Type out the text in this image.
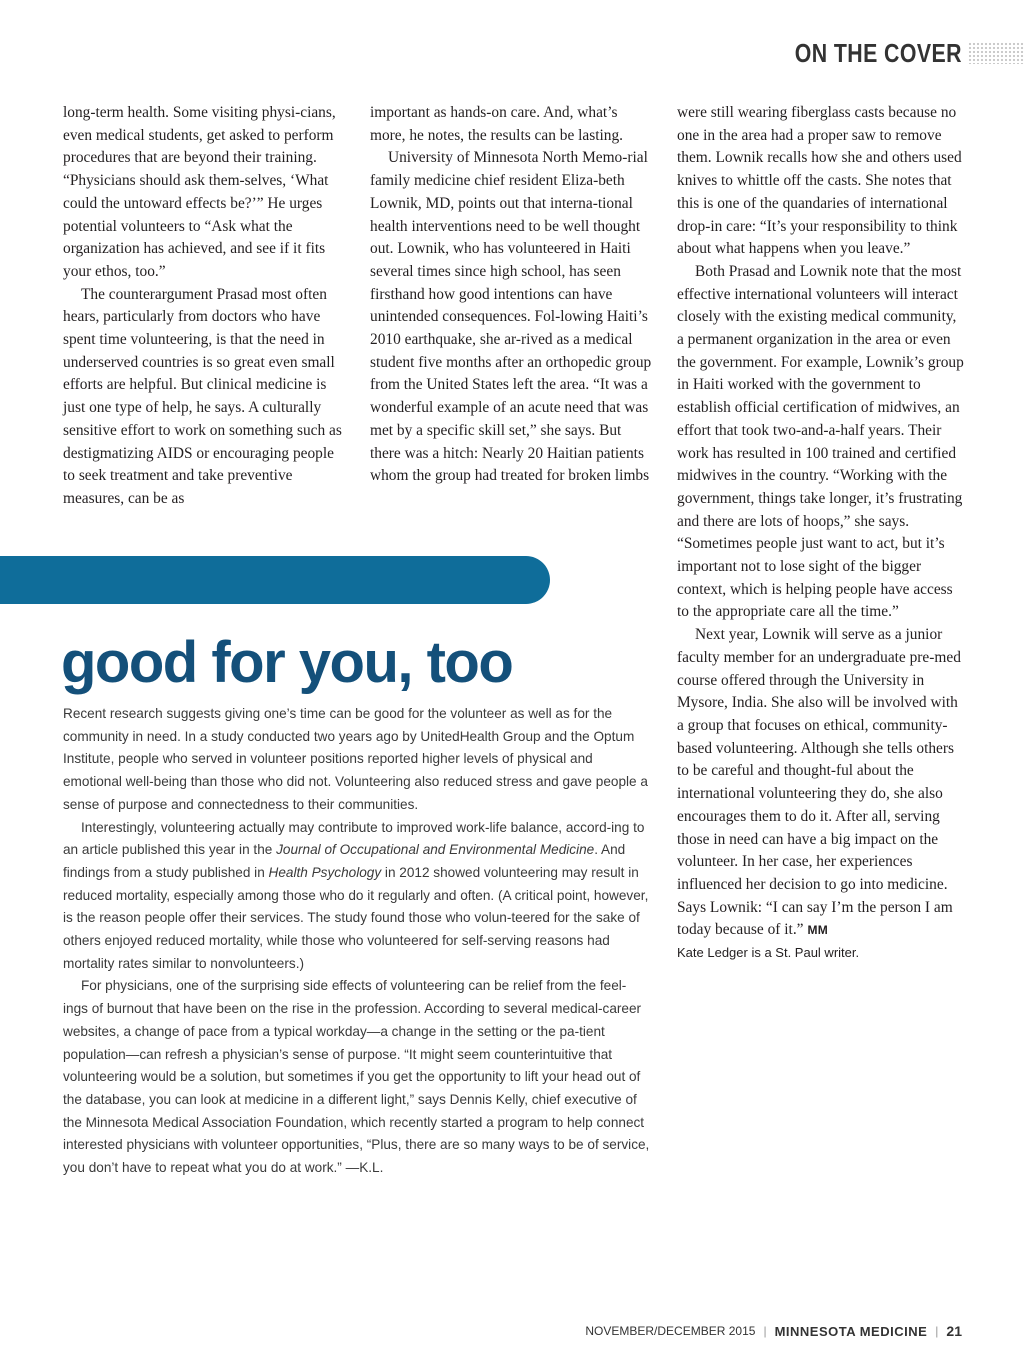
ON THE COVER

long-term health. Some visiting physi-cians, even medical students, get asked to perform procedures that are beyond their training. “Physicians should ask them-selves, ‘What could the untoward effects be?’” He urges potential volunteers to “Ask what the organization has achieved, and see if it fits your ethos, too.”

The counterargument Prasad most often hears, particularly from doctors who have spent time volunteering, is that the need in underserved countries is so great even small efforts are helpful. But clinical medicine is just one type of help, he says. A culturally sensitive effort to work on something such as destigmatizing AIDS or encouraging people to seek treatment and take preventive measures, can be as

important as hands-on care. And, what’s more, he notes, the results can be lasting.

University of Minnesota North Memo-rial family medicine chief resident Eliza-beth Lownik, MD, points out that interna-tional health interventions need to be well thought out. Lownik, who has volunteered in Haiti several times since high school, has seen firsthand how good intentions can have unintended consequences. Fol-lowing Haiti’s 2010 earthquake, she ar-rived as a medical student five months after an orthopedic group from the United States left the area. “It was a wonderful example of an acute need that was met by a specific skill set,” she says. But there was a hitch: Nearly 20 Haitian patients whom the group had treated for broken limbs

were still wearing fiberglass casts because no one in the area had a proper saw to remove them. Lownik recalls how she and others used knives to whittle off the casts. She notes that this is one of the quandaries of international drop-in care: “It’s your responsibility to think about what happens when you leave.”

Both Prasad and Lownik note that the most effective international volunteers will interact closely with the existing medical community, a permanent organization in the area or even the government. For example, Lownik’s group in Haiti worked with the government to establish official certification of midwives, an effort that took two-and-a-half years. Their work has resulted in 100 trained and certified midwives in the country. “Working with the government, things take longer, it’s frustrating and there are lots of hoops,” she says. “Sometimes people just want to act, but it’s important not to lose sight of the bigger context, which is helping people have access to the appropriate care all the time.”

Next year, Lownik will serve as a junior faculty member for an undergraduate pre-med course offered through the University in Mysore, India. She also will be involved with a group that focuses on ethical, community-based volunteering. Although she tells others to be careful and thought-ful about the international volunteering they do, she also encourages them to do it. After all, serving those in need can have a big impact on the volunteer. In her case, her experiences influenced her decision to go into medicine. Says Lownik: “I can say I’m the person I am today because of it.” MM

Kate Ledger is a St. Paul writer.

good for you, too

Recent research suggests giving one’s time can be good for the volunteer as well as for the community in need. In a study conducted two years ago by UnitedHealth Group and the Optum Institute, people who served in volunteer positions reported higher levels of physical and emotional well-being than those who did not. Volunteering also reduced stress and gave people a sense of purpose and connectedness to their communities.

Interestingly, volunteering actually may contribute to improved work-life balance, accord-ing to an article published this year in the Journal of Occupational and Environmental Medicine. And findings from a study published in Health Psychology in 2012 showed volunteering may result in reduced mortality, especially among those who do it regularly and often. (A critical point, however, is the reason people offer their services. The study found those who volun-teered for the sake of others enjoyed reduced mortality, while those who volunteered for self-serving reasons had mortality rates similar to nonvolunteers.)

For physicians, one of the surprising side effects of volunteering can be relief from the feel-ings of burnout that have been on the rise in the profession. According to several medical-career websites, a change of pace from a typical workday—a change in the setting or the pa-tient population—can refresh a physician’s sense of purpose. “It might seem counterintuitive that volunteering would be a solution, but sometimes if you get the opportunity to lift your head out of the database, you can look at medicine in a different light,” says Dennis Kelly, chief executive of the Minnesota Medical Association Foundation, which recently started a program to help connect interested physicians with volunteer opportunities, “Plus, there are so many ways to be of service, you don’t have to repeat what you do at work.” —K.L.

NOVEMBER/DECEMBER 2015 | MINNESOTA MEDICINE | 21
